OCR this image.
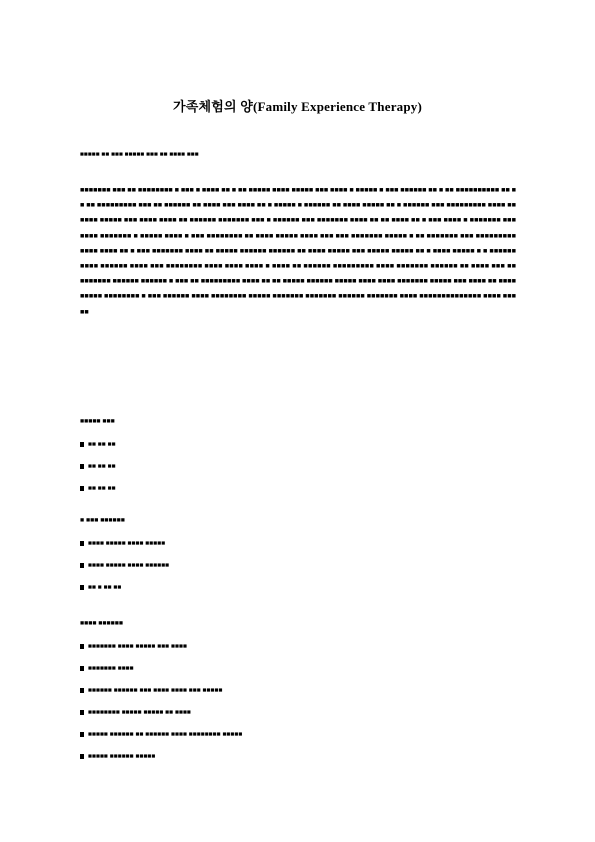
가족체험의 양(Family Experience Therapy)
■■■■■ ■■ ■■■ ■■■■■ ■■■ ■■ ■■■■ ■■■
■■■■■■■ ■■■ ■■ ■■■■■■■■ ■ ■■■ ■ ■■■■ ■■ ■ ■■ ■■■■■ ■■■■ ■■■■■ ■■■ ■■■■ ■ ■■■■■ ■ ■■■ ■■■■■■ ■■ ■ ■■ ■■■■■■■■■■ ■■ ■ ■ ■■ ■■■■■■■■■ ■■■ ■■ ■■■■■■ ■■ ■■■■ ■■■ ■■■■ ■■ ■ ■■■■■ ■ ■■■■■■ ■■ ■■■■ ■■■■■ ■■ ■ ■■■■■■ ■■■ ■■■■■■■■■ ■■■■ ■■ ■■■■ ■■■■■ ■■■ ■■■■ ■■■■ ■■ ■■■■■■ ■■■■■■■ ■■■ ■ ■■■■■■ ■■■ ■■■■■■■ ■■■■ ■■ ■■ ■■■■ ■■ ■ ■■■ ■■■■ ■ ■■■■■■■ ■■■ ■■■■ ■■■■■■■ ■ ■■■■■ ■■■■ ■ ■■■ ■■■■■■■■ ■■ ■■■■ ■■■■■ ■■■■ ■■■ ■■■ ■■■■■■■ ■■■■■ ■ ■■ ■■■■■■■ ■■■ ■■■■■■■■■ ■■■■ ■■■■ ■■ ■ ■■■ ■■■■■■■ ■■■■ ■■ ■■■■■ ■■■■■■ ■■■■■■ ■■ ■■■■ ■■■■■ ■■■ ■■■■■ ■■■■■ ■■ ■ ■■■■ ■■■■■ ■ ■ ■■■■■■ ■■■■ ■■■■■■ ■■■■ ■■■ ■■■■■■■■ ■■■■ ■■■■ ■■■■ ■ ■■■■ ■■ ■■■■■■ ■■■■■■■■■ ■■■■ ■■■■■■■ ■■■■■■ ■■ ■■■■ ■■■ ■■ ■■■■■■■ ■■■■■■ ■■■■■■ ■ ■■■ ■■ ■■■■■■■■■ ■■■■ ■■ ■■ ■■■■■ ■■■■■■ ■■■■■ ■■■■ ■■■■ ■■■■■■■ ■■■■■ ■■■ ■■■■ ■■ ■■■■ ■■■■■ ■■■■■■■■ ■ ■■■ ■■■■■■ ■■■■ ■■■■■■■■ ■■■■■ ■■■■■■■ ■■■■■■■ ■■■■■■ ■■■■■■■ ■■■■ ■■■■■■■■■■■■■■ ■■■■ ■■■ ■■
■■■■■ ■■■
■■ ■■ ■■
■■ ■■ ■■
■■ ■■ ■■
■ ■■■ ■■■■■■
■■■■ ■■■■■ ■■■■ ■■■■■
■■■■ ■■■■■ ■■■■ ■■■■■■
■■ ■ ■■ ■■
■■■■ ■■■■■■
■■■■■■■ ■■■■ ■■■■■ ■■■ ■■■■
■■■■■■■ ■■■■
■■■■■■ ■■■■■■ ■■■ ■■■■ ■■■■ ■■■ ■■■■■
■■■■■■■■ ■■■■■ ■■■■■ ■■ ■■■■
■■■■■ ■■■■■■ ■■ ■■■■■■ ■■■■ ■■■■■■■■ ■■■■■
■■■■■ ■■■■■■ ■■■■■
